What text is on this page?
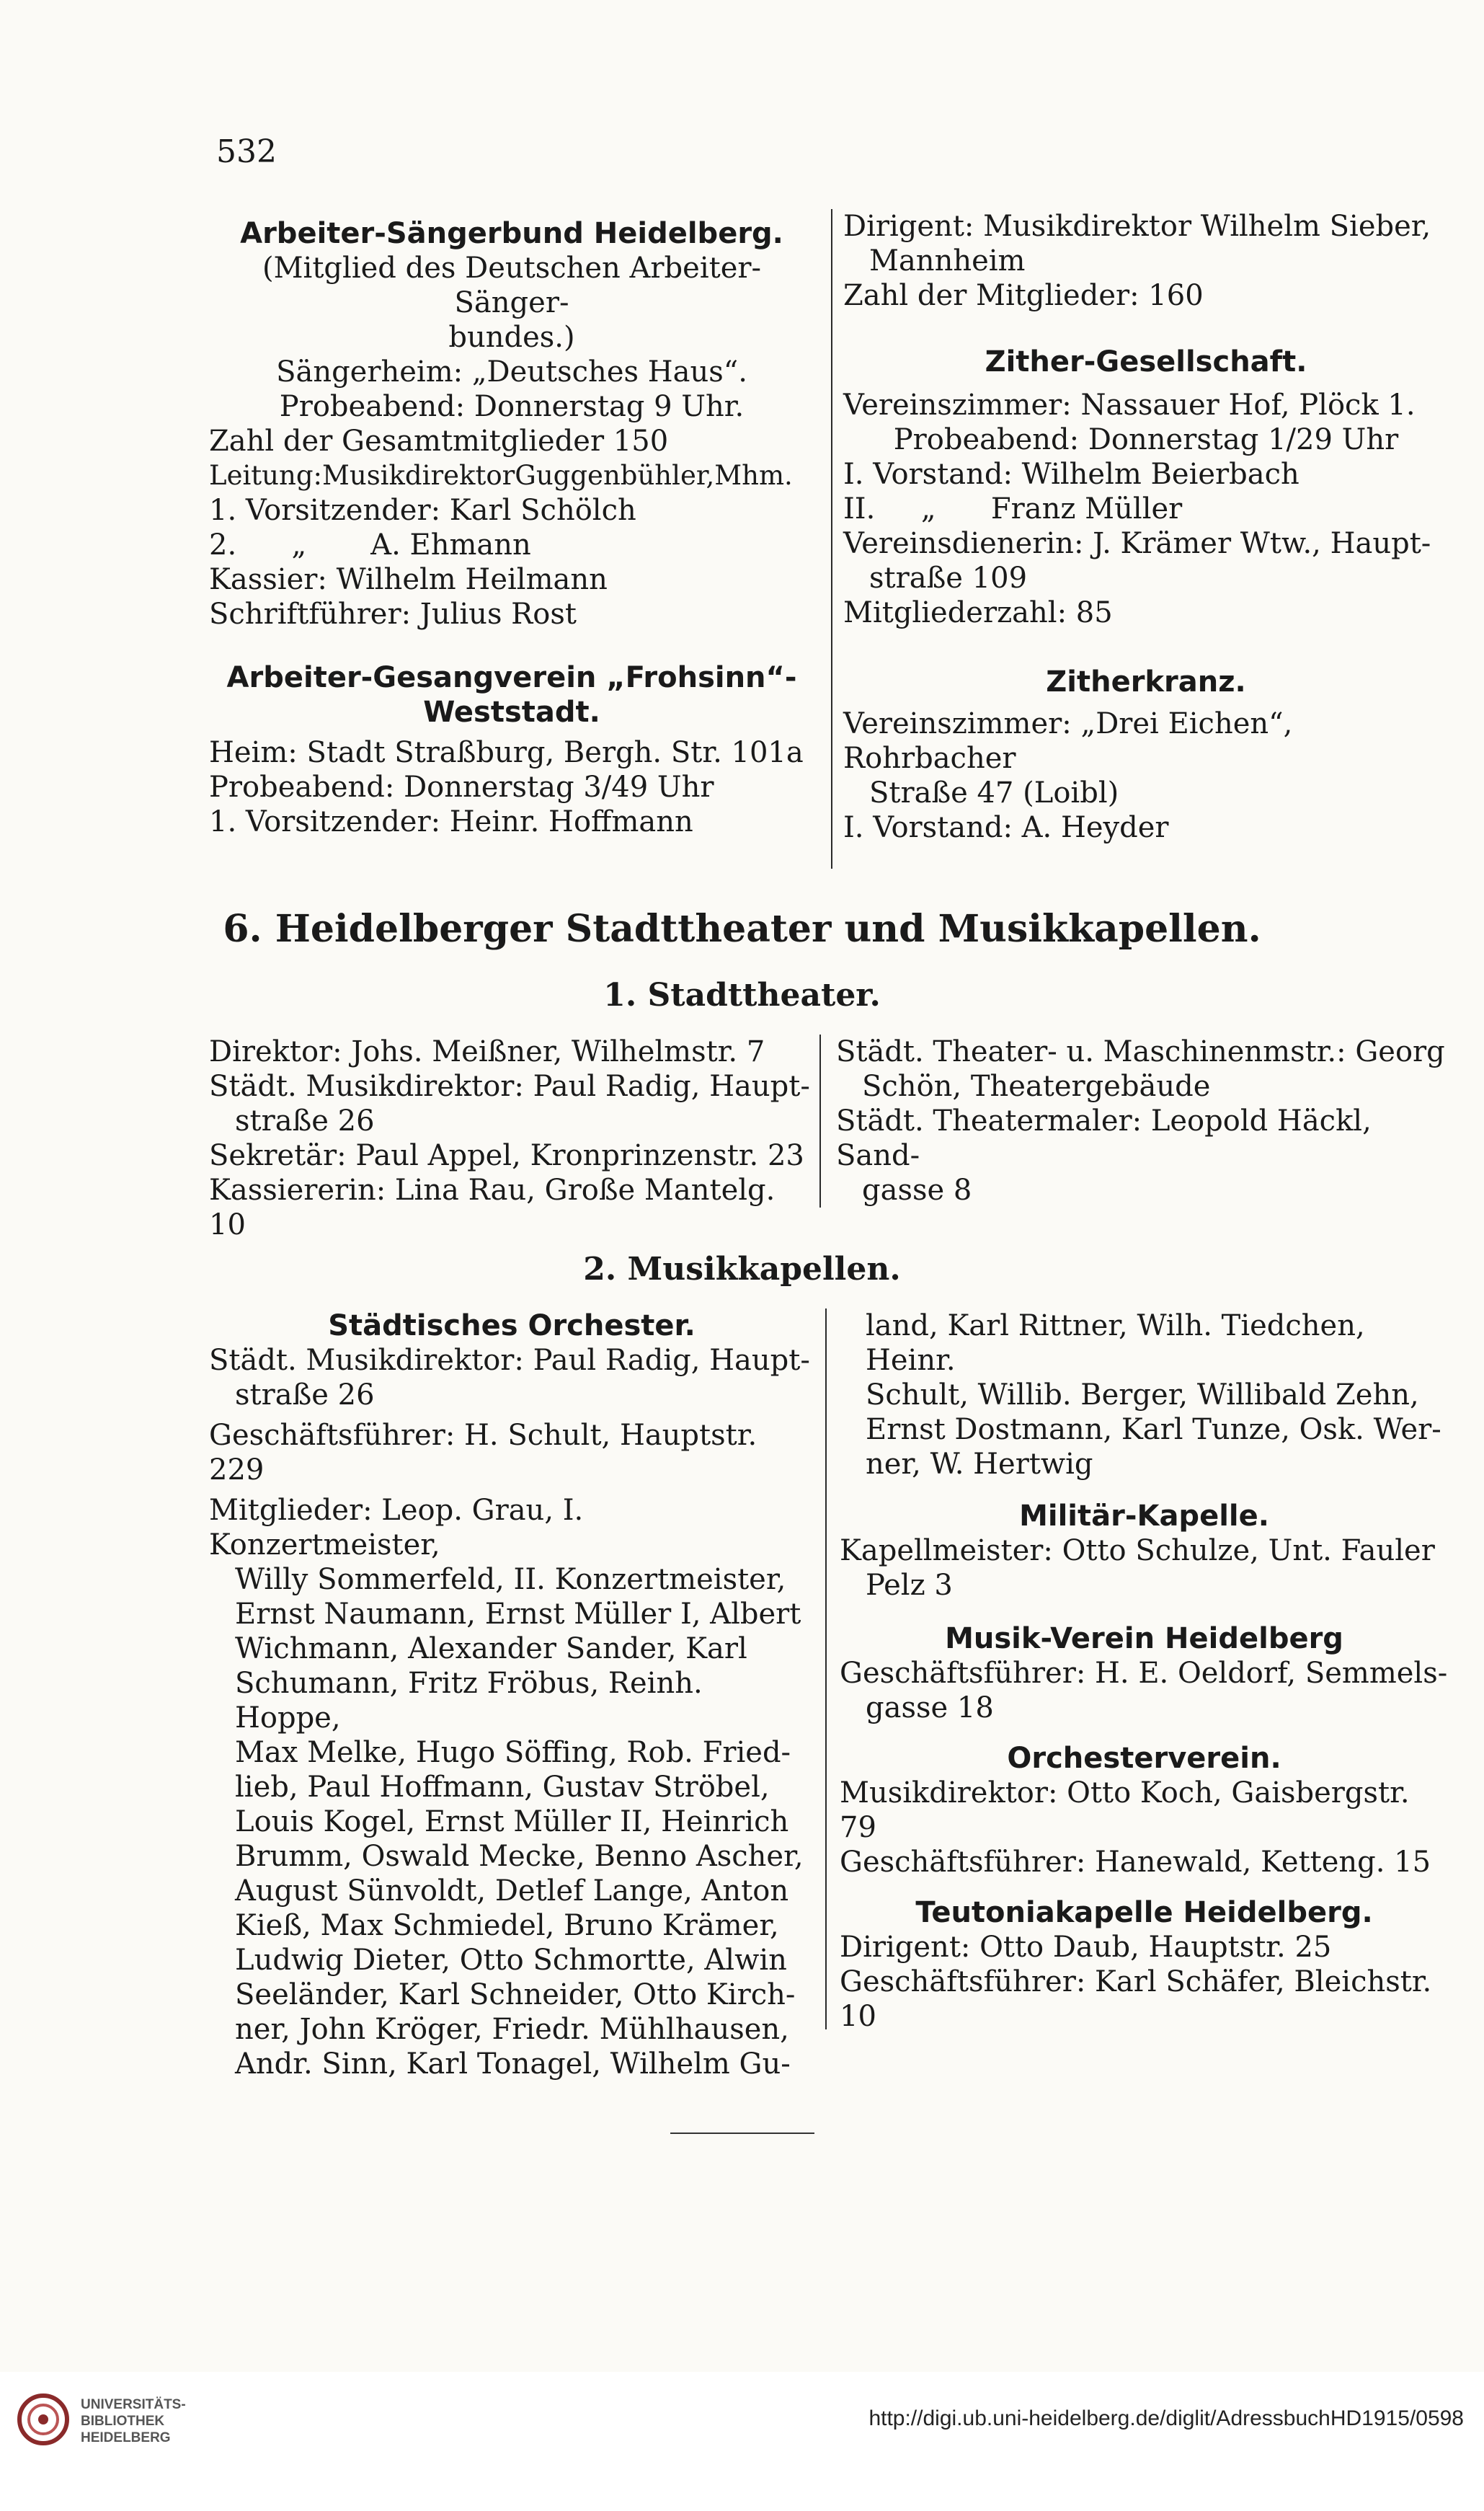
532

Arbeiter-Sängerbund Heidelberg.

(Mitglied des Deutschen Arbeiter-Sänger-

bundes.)

Sängerheim: „Deutsches Haus“.

Probeabend: Donnerstag 9 Uhr.

Zahl der Gesamtmitglieder 150

Leitung:MusikdirektorGuggenbühler,Mhm.

1. Vorsitzender: Karl Schölch

2.      „       A. Ehmann

Kassier: Wilhelm Heilmann

Schriftführer: Julius Rost

Arbeiter-Gesangverein „Frohsinn“-Weststadt.

Heim: Stadt Straßburg, Bergh. Str. 101a

Probeabend: Donnerstag 3/49 Uhr

1. Vorsitzender: Heinr. Hoffmann

Dirigent: Musikdirektor Wilhelm Sieber,

Mannheim

Zahl der Mitglieder: 160

Zither-Gesellschaft.

Vereinszimmer: Nassauer Hof, Plöck 1.

Probeabend: Donnerstag 1/29 Uhr

I. Vorstand: Wilhelm Beierbach

II.     „      Franz Müller

Vereinsdienerin: J. Krämer Wtw., Haupt-

straße 109

Mitgliederzahl: 85

Zitherkranz.

Vereinszimmer: „Drei Eichen“, Rohrbacher

Straße 47 (Loibl)

I. Vorstand: A. Heyder

6. Heidelberger Stadttheater und Musikkapellen.
1. Stadttheater.

Direktor: Johs. Meißner, Wilhelmstr. 7

Städt. Musikdirektor: Paul Radig, Haupt-

straße 26

Sekretär: Paul Appel, Kronprinzenstr. 23

Kassiererin: Lina Rau, Große Mantelg. 10

Städt. Theater- u. Maschinenmstr.: Georg

Schön, Theatergebäude

Städt. Theatermaler: Leopold Häckl, Sand-

gasse 8

2. Musikkapellen.

Städtisches Orchester.

Städt. Musikdirektor: Paul Radig, Haupt-

straße 26

Geschäftsführer: H. Schult, Hauptstr. 229

Mitglieder: Leop. Grau, I. Konzertmeister,

Willy Sommerfeld, II. Konzertmeister,

Ernst Naumann, Ernst Müller I, Albert

Wichmann, Alexander Sander, Karl

Schumann, Fritz Fröbus, Reinh. Hoppe,

Max Melke, Hugo Söffing, Rob. Fried-

lieb, Paul Hoffmann, Gustav Ströbel,

Louis Kogel, Ernst Müller II, Heinrich

Brumm, Oswald Mecke, Benno Ascher,

August Sünvoldt, Detlef Lange, Anton

Kieß, Max Schmiedel, Bruno Krämer,

Ludwig Dieter, Otto Schmortte, Alwin

Seeländer, Karl Schneider, Otto Kirch-

ner, John Kröger, Friedr. Mühlhausen,

Andr. Sinn, Karl Tonagel, Wilhelm Gu-

land, Karl Rittner, Wilh. Tiedchen, Heinr.

Schult, Willib. Berger, Willibald Zehn,

Ernst Dostmann, Karl Tunze, Osk. Wer-

ner, W. Hertwig

Militär-Kapelle.

Kapellmeister: Otto Schulze, Unt. Fauler

Pelz 3

Musik-Verein Heidelberg

Geschäftsführer: H. E. Oeldorf, Semmels-

gasse 18

Orchesterverein.

Musikdirektor: Otto Koch, Gaisbergstr. 79

Geschäftsführer: Hanewald, Ketteng. 15

Teutoniakapelle Heidelberg.

Dirigent: Otto Daub, Hauptstr. 25

Geschäftsführer: Karl Schäfer, Bleichstr. 10

UNIVERSITÄTS-
BIBLIOTHEK
HEIDELBERG
http://digi.ub.uni-heidelberg.de/diglit/AdressbuchHD1915/0598
